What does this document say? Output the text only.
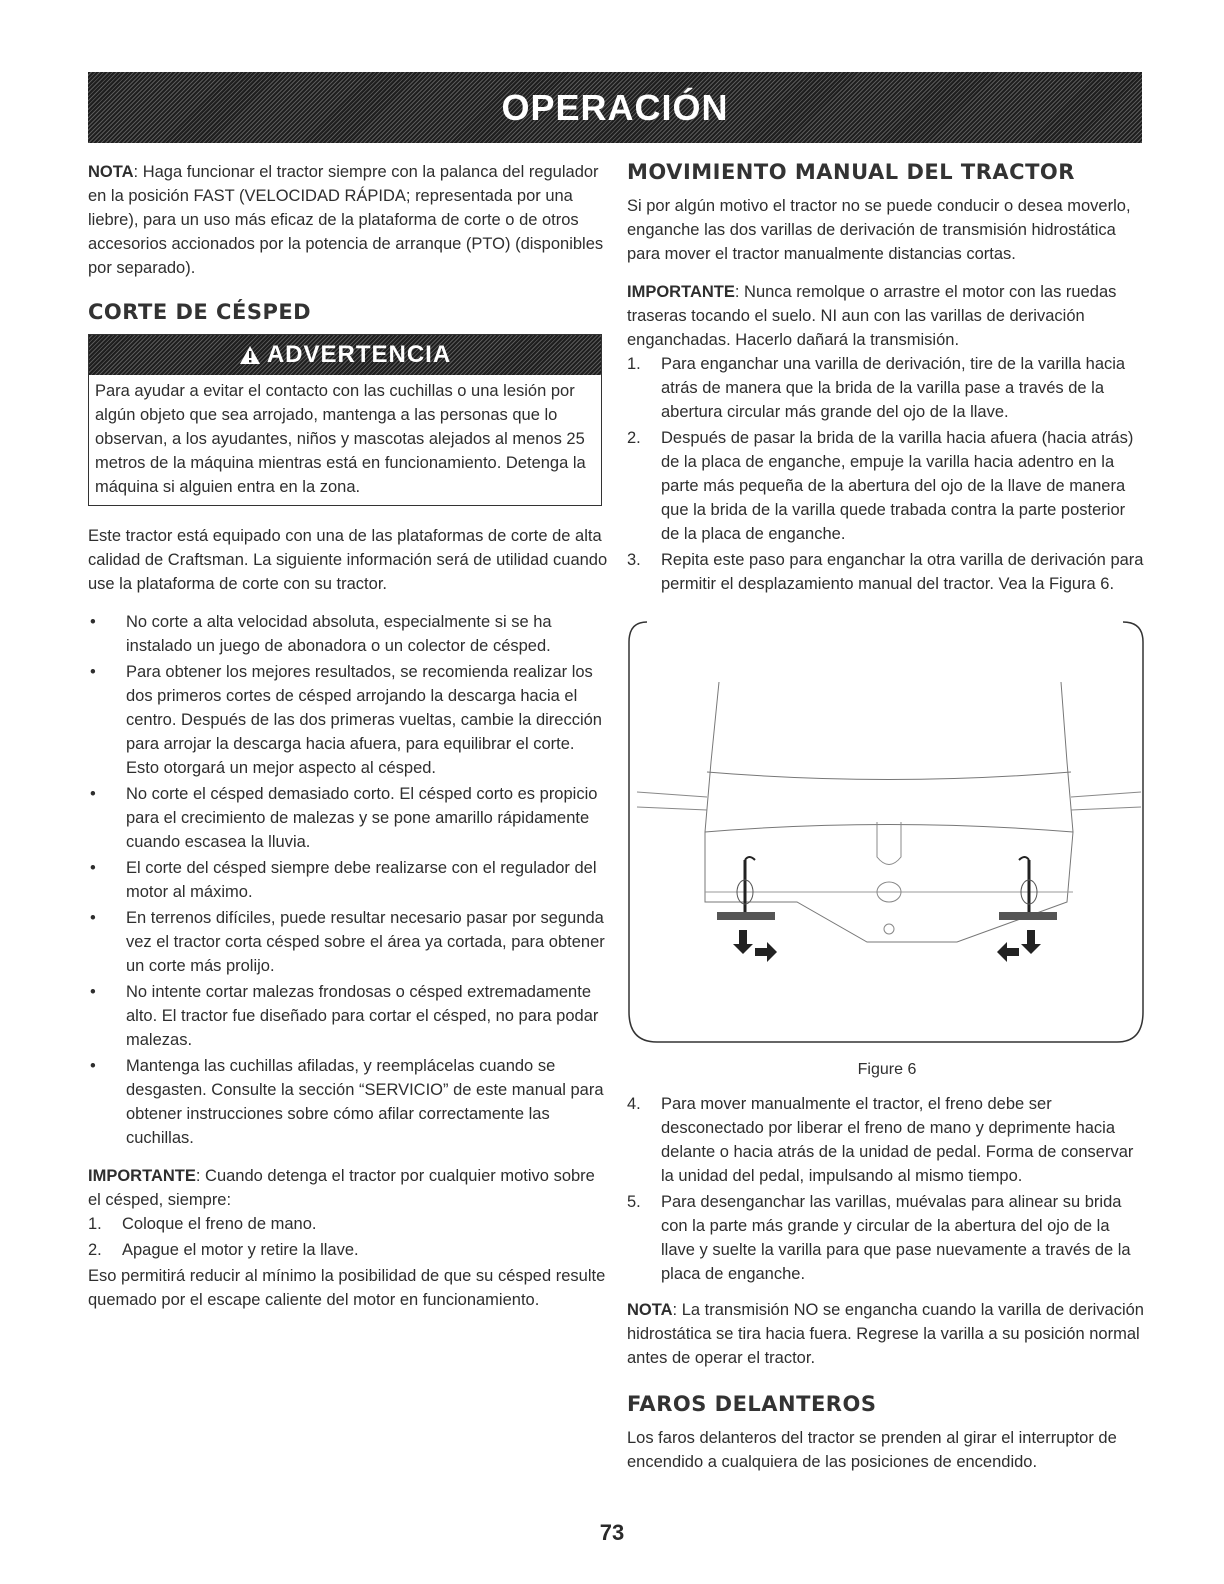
OPERACIÓN

NOTA: Haga funcionar el tractor siempre con la palanca del regulador en la posición FAST (VELOCIDAD RÁPIDA; representada por una liebre), para un uso más eficaz de la plataforma de corte o de otros accesorios accionados por la potencia de arranque (PTO) (disponibles por separado).

CORTE DE CÉSPED
ADVERTENCIA
Para ayudar a evitar el contacto con las cuchillas o una lesión por algún objeto que sea arrojado, mantenga a las personas que lo observan, a los ayudantes, niños y mascotas alejados al menos 25 metros de la máquina mientras está en funcionamiento. Detenga la máquina si alguien entra en la zona.

Este tractor está equipado con una de las plataformas de corte de alta calidad de Craftsman. La siguiente información será de utilidad cuando use la plataforma de corte con su tractor.

• No corte a alta velocidad absoluta, especialmente si se ha instalado un juego de abonadora o un colector de césped.
• Para obtener los mejores resultados, se recomienda realizar los dos primeros cortes de césped arrojando la descarga hacia el centro. Después de las dos primeras vueltas, cambie la dirección para arrojar la descarga hacia afuera, para equilibrar el corte. Esto otorgará un mejor aspecto al césped.
• No corte el césped demasiado corto. El césped corto es propicio para el crecimiento de malezas y se pone amarillo rápidamente cuando escasea la lluvia.
• El corte del césped siempre debe realizarse con el regulador del motor al máximo.
• En terrenos difíciles, puede resultar necesario pasar por segunda vez el tractor corta césped sobre el área ya cortada, para obtener un corte más prolijo.
• No intente cortar malezas frondosas o césped extremadamente alto. El tractor fue diseñado para cortar el césped, no para podar malezas.
• Mantenga las cuchillas afiladas, y reemplácelas cuando se desgasten. Consulte la sección “SERVICIO” de este manual para obtener instrucciones sobre cómo afilar correctamente las cuchillas.

IMPORTANTE: Cuando detenga el tractor por cualquier motivo sobre el césped, siempre:

1. Coloque el freno de mano.
2. Apague el motor y retire la llave.

Eso permitirá reducir al mínimo la posibilidad de que su césped resulte quemado por el escape caliente del motor en funcionamiento.

MOVIMIENTO MANUAL DEL TRACTOR

Si por algún motivo el tractor no se puede conducir o desea moverlo, enganche las dos varillas de derivación de transmisión hidrostática para mover el tractor manualmente distancias cortas.

IMPORTANTE: Nunca remolque o arrastre el motor con las ruedas traseras tocando el suelo. NI aun con las varillas de derivación enganchadas. Hacerlo dañará la transmisión.

1. Para enganchar una varilla de derivación, tire de la varilla hacia atrás de manera que la brida de la varilla pase a través de la abertura circular más grande del ojo de la llave.
2. Después de pasar la brida de la varilla hacia afuera (hacia atrás) de la placa de enganche, empuje la varilla hacia adentro en la parte más pequeña de la abertura del ojo de la llave de manera que la brida de la varilla quede trabada contra la parte posterior de la placa de enganche.
3. Repita este paso para enganchar la otra varilla de derivación para permitir el desplazamiento manual del tractor. Vea la Figura 6.
Figure 6
4. Para mover manualmente el tractor, el freno debe ser desconectado por liberar el freno de mano y deprimente hacia delante o hacia atrás de la unidad de pedal. Forma de conservar la unidad del pedal, impulsando al mismo tiempo.
5. Para desenganchar las varillas, muévalas para alinear su brida con la parte más grande y circular de la abertura del ojo de la llave y suelte la varilla para que pase nuevamente a través de la placa de enganche.

NOTA: La transmisión NO se engancha cuando la varilla de derivación hidrostática se tira hacia fuera. Regrese la varilla a su posición normal antes de operar el tractor.

FAROS DELANTEROS

Los faros delanteros del tractor se prenden al girar el interruptor de encendido a cualquiera de las posiciones de encendido.

73
